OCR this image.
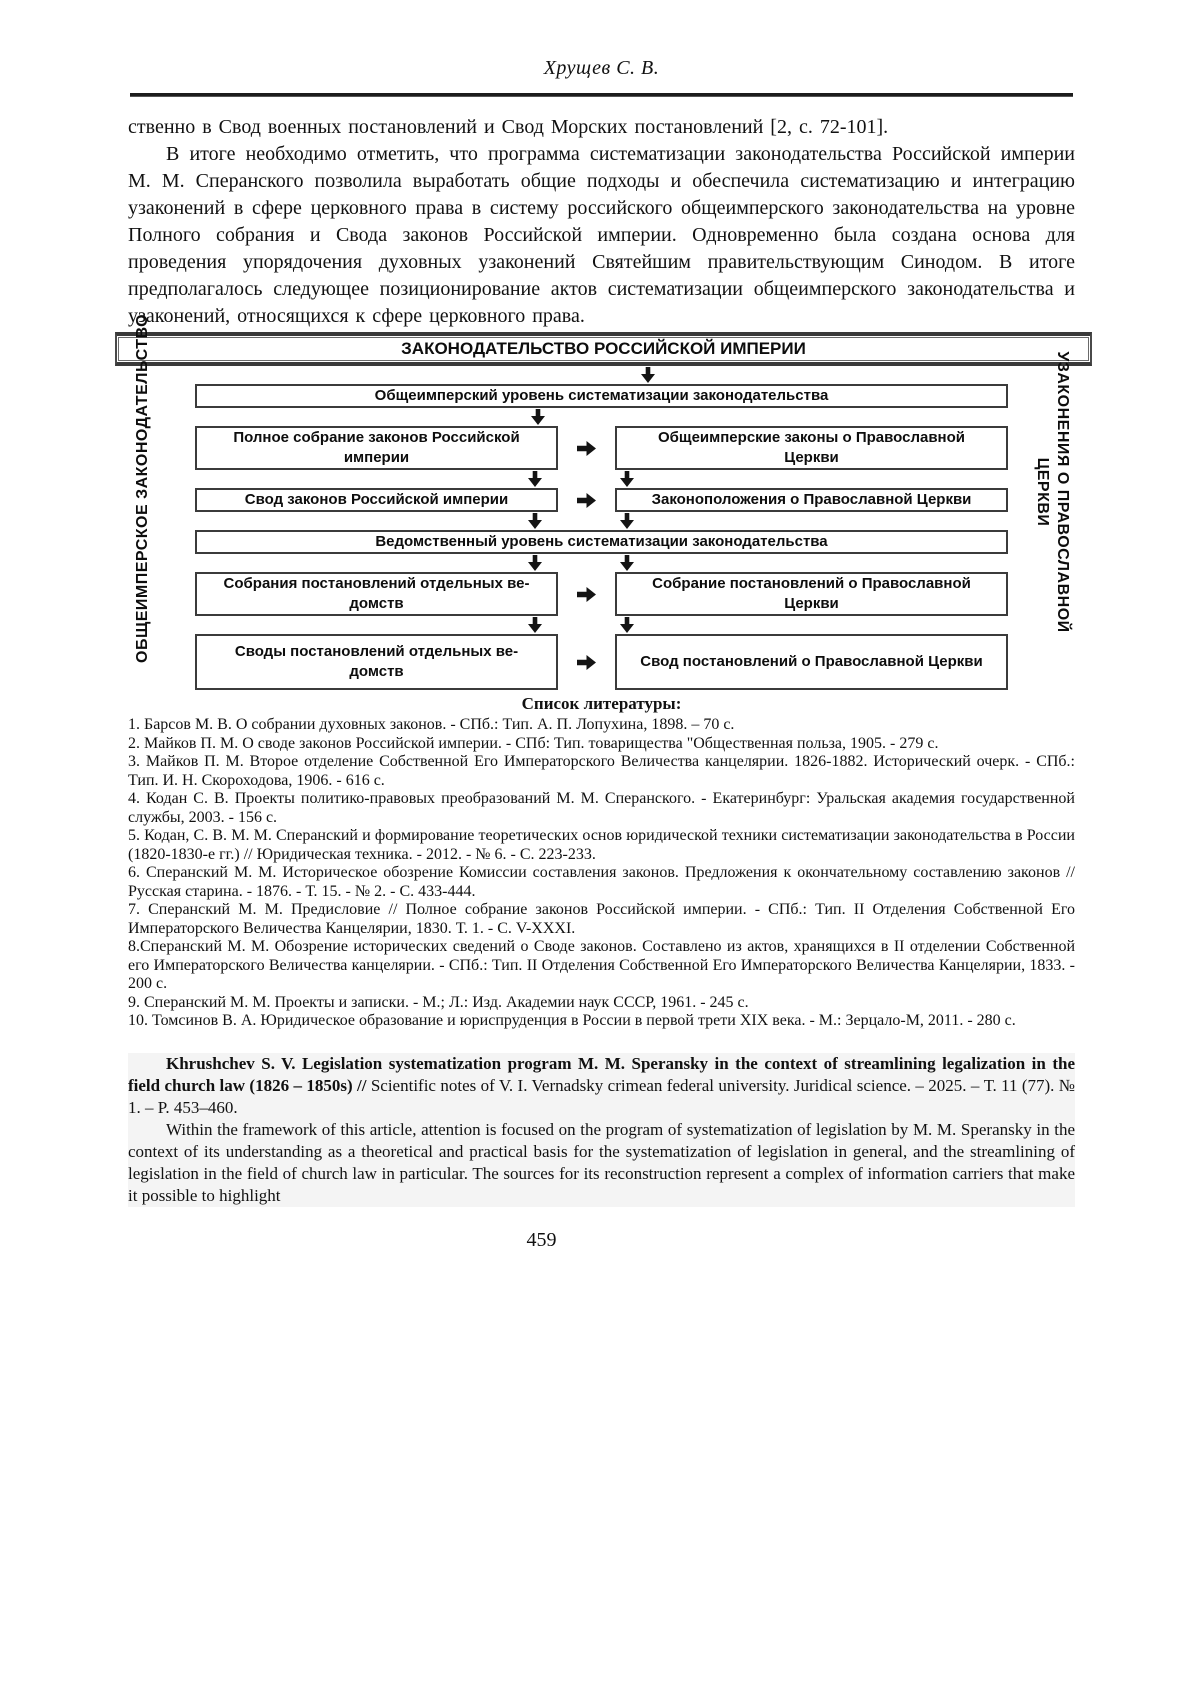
Хрущев С. В.

ственно в Свод военных постановлений и Свод Морских постановлений [2, с. 72-101].

В итоге необходимо отметить, что программа систематизации законодательства Российской империи М. М. Сперанского позволила выработать общие подходы и обеспечила систематизацию и интеграцию узаконений в сфере церковного права в систему российского общеимперского законодательства на уровне Полного собрания и Свода законов Российской империи. Одновременно была создана основа для проведения упорядочения духовных узаконений Святейшим правительствующим Синодом. В итоге предполагалось следующее позиционирование актов систематизации общеимперского законодательства и узаконений, относящихся к сфере церковного права.

ЗАКОНОДАТЕЛЬСТВО РОССИЙСКОЙ ИМПЕРИИ
ОБЩЕИМПЕРСКОЕ ЗАКОНОДАТЕЛЬСТВО	УЗАКОНЕНИЯ О ПРАВОСЛАВНОЙ ЦЕРКВИ
Общеимперский уровень систематизации законодательства
Полное собрание законов Российской
империи
Общеимперские законы о Православной
Церкви
Свод законов Российской империи	Законоположения о Православной Церкви
Ведомственный уровень систематизации законодательства
Собрания постановлений отдельных ве-
домств
Собрание постановлений о Православной
Церкви
Своды постановлений отдельных ве-
домств
Свод постановлений о Православной Церкви
Список литературы:

1. Барсов М. В. О собрании духовных законов. - СПб.: Тип. А. П. Лопухина, 1898. – 70 с.

2. Майков П. М. О своде законов Российской империи. - СПб: Тип. товарищества "Общественная польза, 1905. - 279 с.

3. Майков П. М. Второе отделение Собственной Его Императорского Величества канцелярии. 1826-1882. Исторический очерк. - СПб.: Тип. И. Н. Скороходова, 1906. - 616 с.

4. Кодан С. В. Проекты политико-правовых преобразований М. М. Сперанского. - Екатеринбург: Уральская академия государственной службы, 2003. - 156 с.

5. Кодан, С. В. М. М. Сперанский и формирование теоретических основ юридической техники систематизации законодательства в России (1820-1830-е гг.) // Юридическая техника. - 2012. - № 6. - С. 223-233.

6. Сперанский М. М. Историческое обозрение Комиссии составления законов. Предложения к окончательному составлению законов // Русская старина. - 1876. - Т. 15. - № 2. - С. 433-444.

7. Сперанский М. М. Предисловие // Полное собрание законов Российской империи. - СПб.: Тип. II Отделения Собственной Его Императорского Величества Канцелярии, 1830. Т. 1. - С. V-XXXI.

8.Сперанский М. М. Обозрение исторических сведений о Своде законов. Составлено из актов, хранящихся в II отделении Собственной его Императорского Величества канцелярии. - СПб.: Тип. II Отделения Собственной Его Императорского Величества Канцелярии, 1833. - 200 с.

9. Сперанский М. М. Проекты и записки. - М.; Л.: Изд. Академии наук СССР, 1961. - 245 с.

10. Томсинов В. А. Юридическое образование и юриспруденция в России в первой трети XIX века. - М.: Зерцало-М, 2011. - 280 с.

Khrushchev S. V. Legislation systematization program M. M. Speransky in the context of streamlining legalization in the field church law (1826 – 1850s) // Scientific notes of V. I. Vernadsky crimean federal university. Juridical science. – 2025. – Т. 11 (77). № 1. – P. 453–460.

Within the framework of this article, attention is focused on the program of systematization of legislation by M. M. Speransky in the context of its understanding as a theoretical and practical basis for the systematization of legislation in general, and the streamlining of legislation in the field of church law in particular. The sources for its reconstruction represent a complex of information carriers that make it possible to highlight

459
